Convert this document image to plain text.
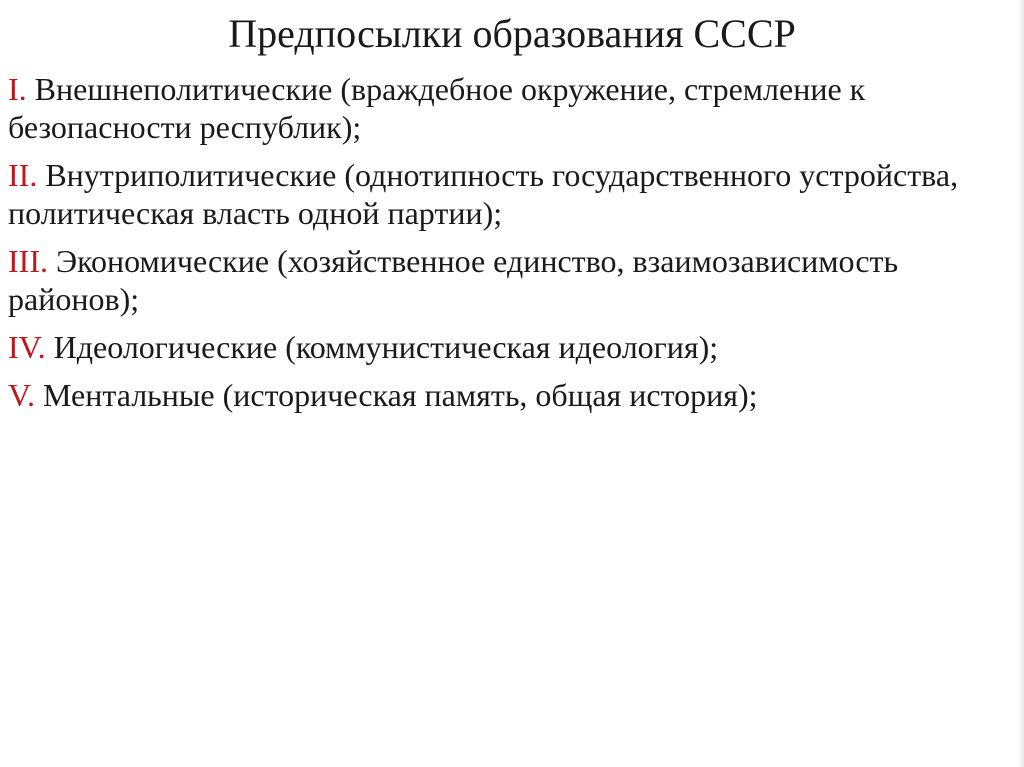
Предпосылки образования СССР
I. Внешнеполитические (враждебное окружение, стремление к безопасности республик);
II. Внутриполитические (однотипность государственного устройства, политическая власть одной партии);
III. Экономические (хозяйственное единство, взаимозависимость районов);
IV. Идеологические (коммунистическая идеология);
V. Ментальные (историческая память, общая история);
